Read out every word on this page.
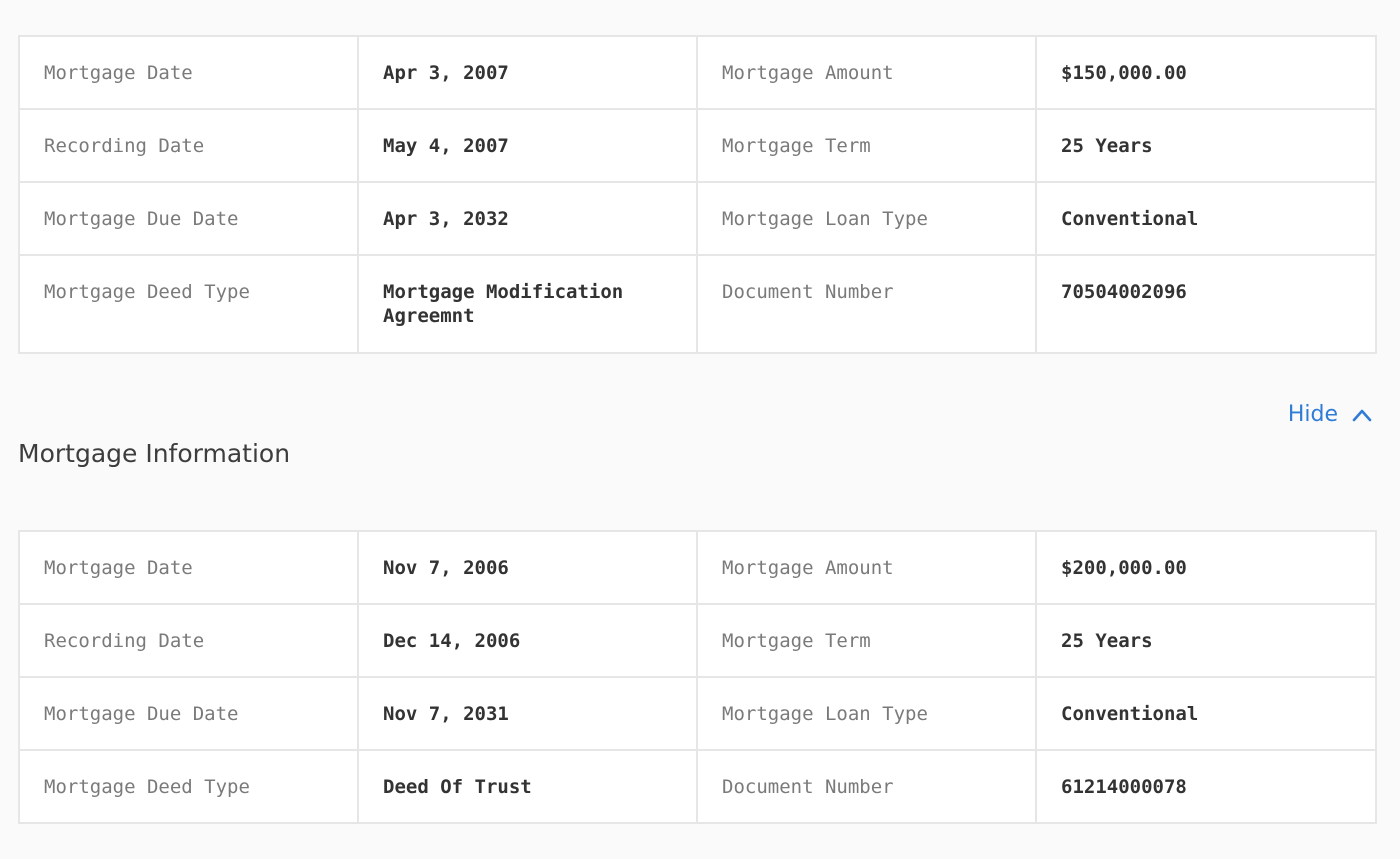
Mortgage Date	Apr 3, 2007	Mortgage Amount	$150,000.00
Recording Date	May 4, 2007	Mortgage Term	25 Years
Mortgage Due Date	Apr 3, 2032	Mortgage Loan Type	Conventional
Mortgage Deed Type	Mortgage Modification Agreemnt	Document Number	70504002096
Hide
Mortgage Information
Mortgage Date	Nov 7, 2006	Mortgage Amount	$200,000.00
Recording Date	Dec 14, 2006	Mortgage Term	25 Years
Mortgage Due Date	Nov 7, 2031	Mortgage Loan Type	Conventional
Mortgage Deed Type	Deed Of Trust	Document Number	61214000078
